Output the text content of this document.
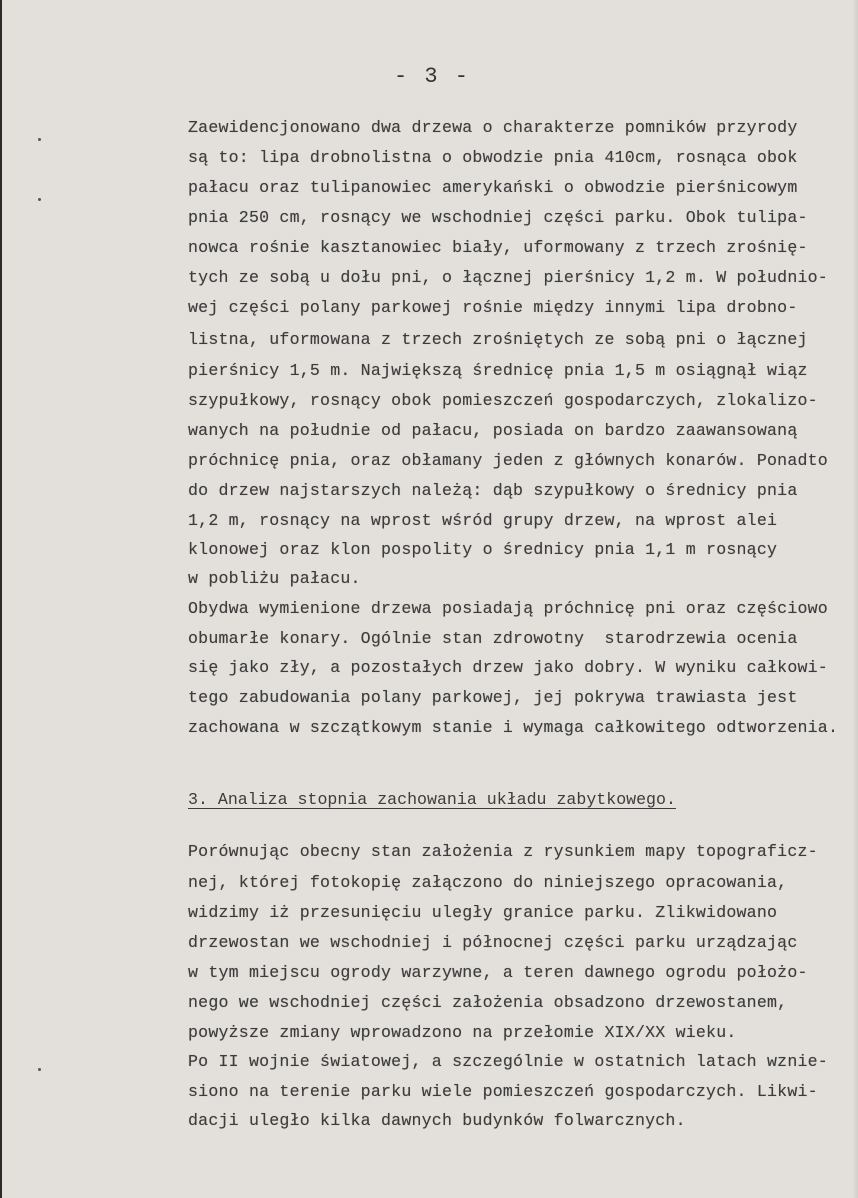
- 3 -
Zaewidencjonowano dwa drzewa o charakterze pomników przyrody
są to: lipa drobnolistna o obwodzie pnia 410cm, rosnąca obok
pałacu oraz tulipanowiec amerykański o obwodzie pierśnicowym
pnia 250 cm, rosnący we wschodniej części parku. Obok tulipa-
nowca rośnie kasztanowiec biały, uformowany z trzech zrośnię-
tych ze sobą u dołu pni, o łącznej pierśnicy 1,2 m. W południo-
wej części polany parkowej rośnie między innymi lipa drobno-
listna, uformowana z trzech zrośniętych ze sobą pni o łącznej
pierśnicy 1,5 m. Największą średnicę pnia 1,5 m osiągnął wiąz
szypułkowy, rosnący obok pomieszczeń gospodarczych, zlokalizo-
wanych na południe od pałacu, posiada on bardzo zaawansowaną
próchnicę pnia, oraz obłamany jeden z głównych konarów. Ponadto
do drzew najstarszych należą: dąb szypułkowy o średnicy pnia
1,2 m, rosnący na wprost wśród grupy drzew, na wprost alei
klonowej oraz klon pospolity o średnicy pnia 1,1 m rosnący
w pobliżu pałacu.
Obydwa wymienione drzewa posiadają próchnicę pni oraz częściowo
obumarłe konary. Ogólnie stan zdrowotny  starodrzewia ocenia
się jako zły, a pozostałych drzew jako dobry. W wyniku całkowi-
tego zabudowania polany parkowej, jej pokrywa trawiasta jest
zachowana w szczątkowym stanie i wymaga całkowitego odtworzenia.
3. Analiza stopnia zachowania układu zabytkowego.
Porównując obecny stan założenia z rysunkiem mapy topograficz-
nej, której fotokopię załączono do niniejszego opracowania,
widzimy iż przesunięciu uległy granice parku. Zlikwidowano
drzewostan we wschodniej i północnej części parku urządzając
w tym miejscu ogrody warzywne, a teren dawnego ogrodu położo-
nego we wschodniej części założenia obsadzono drzewostanem,
powyższe zmiany wprowadzono na przełomie XIX/XX wieku.
Po II wojnie światowej, a szczególnie w ostatnich latach wznie-
siono na terenie parku wiele pomieszczeń gospodarczych. Likwi-
dacji uległo kilka dawnych budynków folwarcznych.
